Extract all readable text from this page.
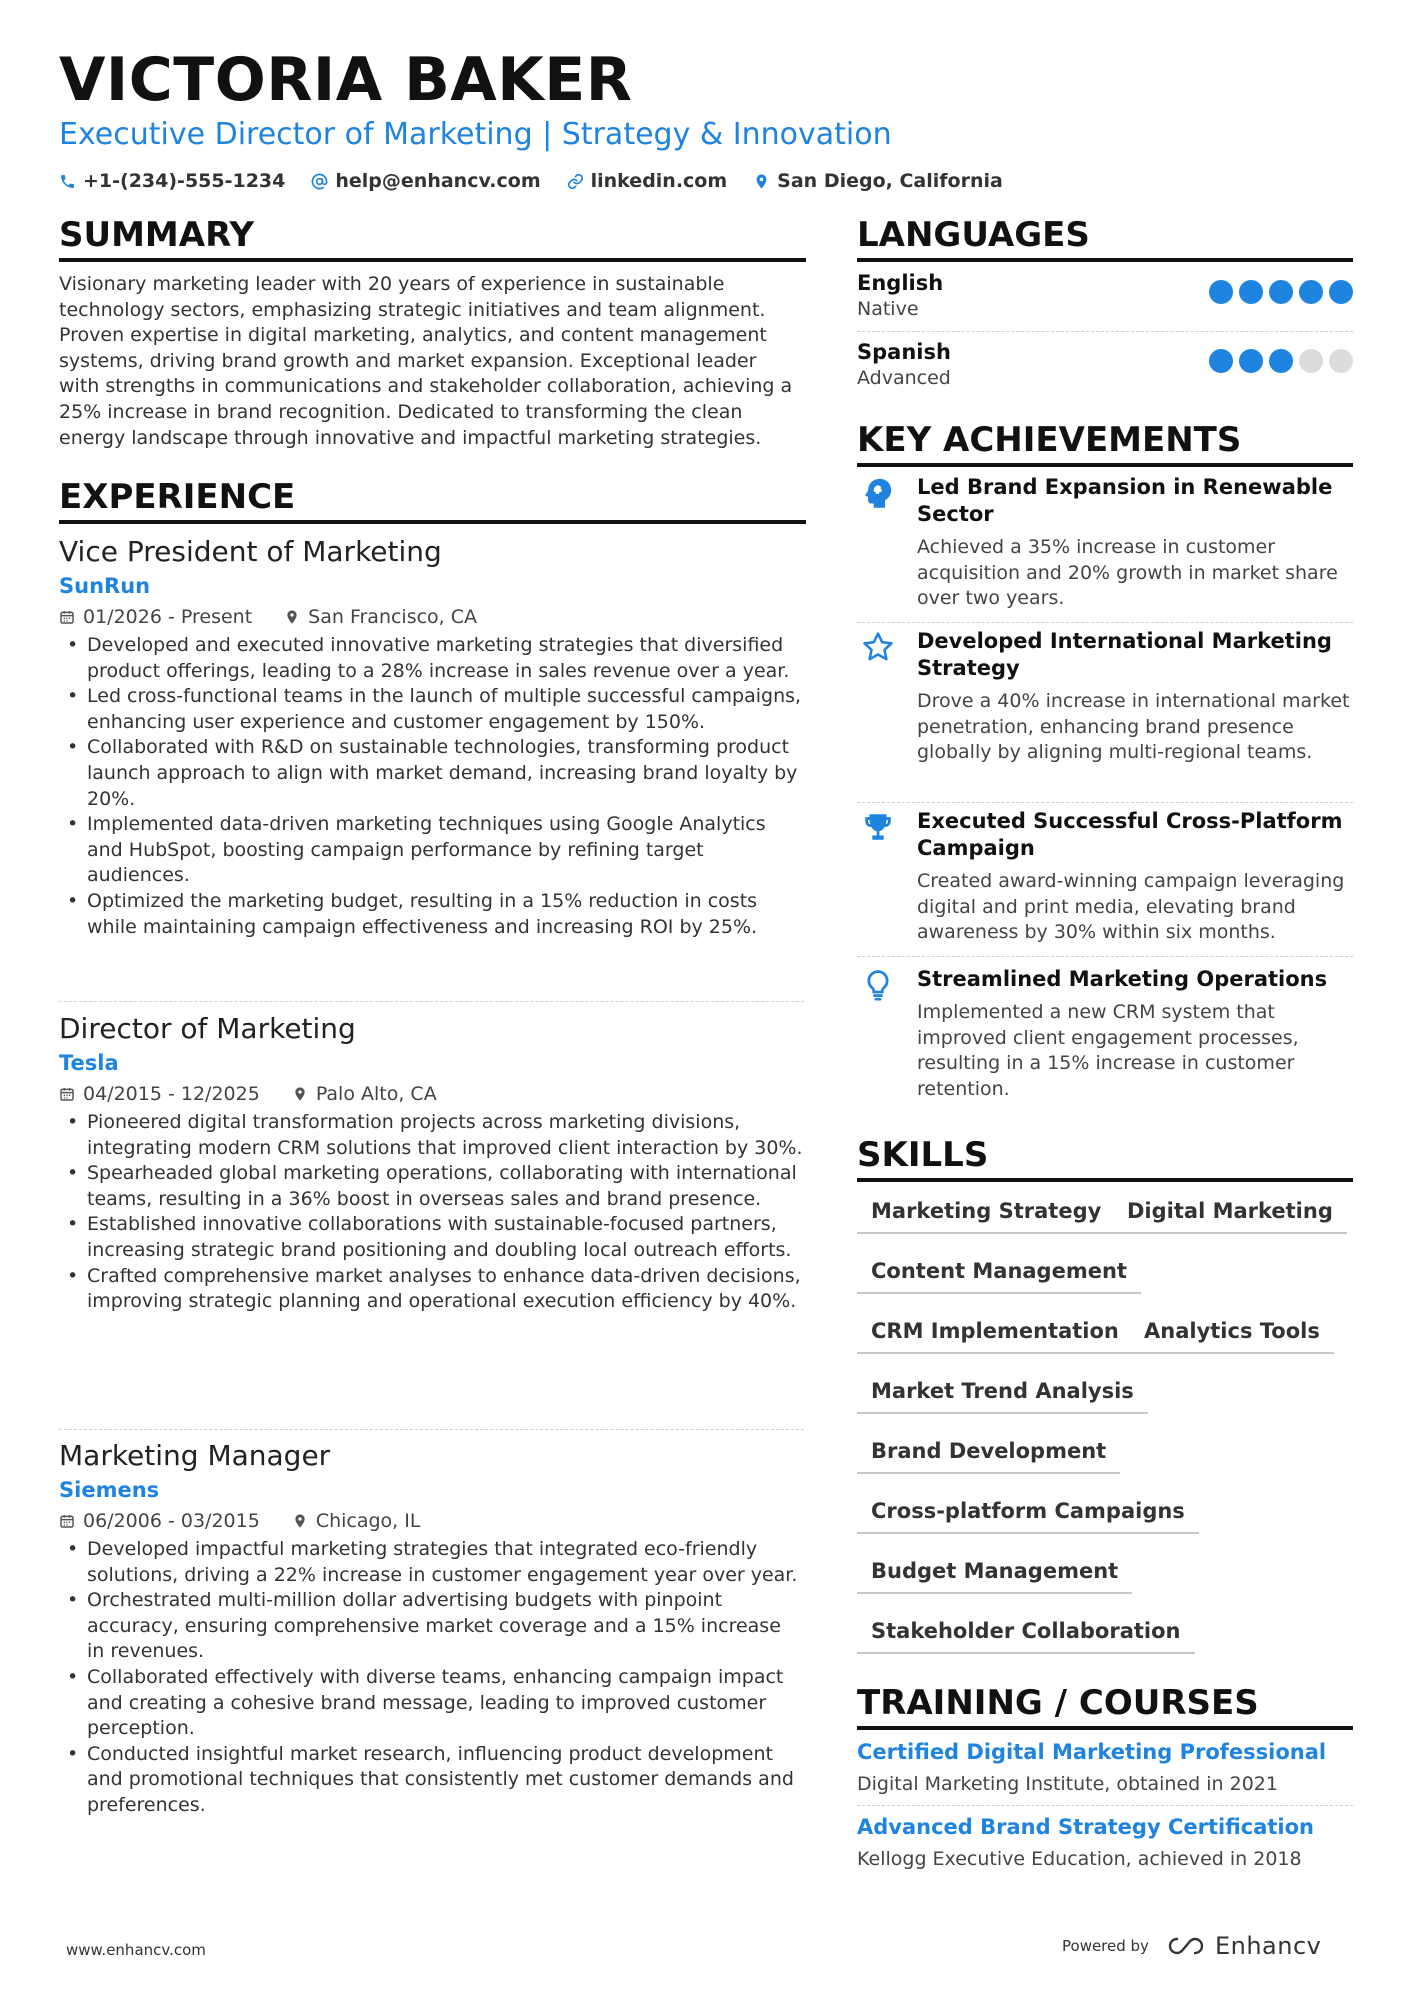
VICTORIA BAKER
Executive Director of Marketing | Strategy & Innovation
+1-(234)-555-1234	help@enhancv.com	linkedin.com	San Diego, California
SUMMARY

Visionary marketing leader with 20 years of experience in sustainable technology sectors, emphasizing strategic initiatives and team alignment. Proven expertise in digital marketing, analytics, and content management systems, driving brand growth and market expansion. Exceptional leader with strengths in communications and stakeholder collaboration, achieving a 25% increase in brand recognition. Dedicated to transforming the clean energy landscape through innovative and impactful marketing strategies.

EXPERIENCE
Vice President of Marketing
SunRun
01/2026 - Present	San Francisco, CA
• Developed and executed innovative marketing strategies that diversified product offerings, leading to a 28% increase in sales revenue over a year.
• Led cross-functional teams in the launch of multiple successful campaigns, enhancing user experience and customer engagement by 150%.
• Collaborated with R&D on sustainable technologies, transforming product launch approach to align with market demand, increasing brand loyalty by 20%.
• Implemented data-driven marketing techniques using Google Analytics and HubSpot, boosting campaign performance by refining target audiences.
• Optimized the marketing budget, resulting in a 15% reduction in costs while maintaining campaign effectiveness and increasing ROI by 25%.
Director of Marketing
Tesla
04/2015 - 12/2025	Palo Alto, CA
• Pioneered digital transformation projects across marketing divisions, integrating modern CRM solutions that improved client interaction by 30%.
• Spearheaded global marketing operations, collaborating with international teams, resulting in a 36% boost in overseas sales and brand presence.
• Established innovative collaborations with sustainable-focused partners, increasing strategic brand positioning and doubling local outreach efforts.
• Crafted comprehensive market analyses to enhance data-driven decisions, improving strategic planning and operational execution efficiency by 40%.
Marketing Manager
Siemens
06/2006 - 03/2015	Chicago, IL
• Developed impactful marketing strategies that integrated eco-friendly solutions, driving a 22% increase in customer engagement year over year.
• Orchestrated multi-million dollar advertising budgets with pinpoint accuracy, ensuring comprehensive market coverage and a 15% increase in revenues.
• Collaborated effectively with diverse teams, enhancing campaign impact and creating a cohesive brand message, leading to improved customer perception.
• Conducted insightful market research, influencing product development and promotional techniques that consistently met customer demands and preferences.
LANGUAGES
English
Native
Spanish
Advanced
KEY ACHIEVEMENTS
Led Brand Expansion in Renewable Sector
Achieved a 35% increase in customer acquisition and 20% growth in market share over two years.
Developed International Marketing Strategy
Drove a 40% increase in international market penetration, enhancing brand presence globally by aligning multi-regional teams.
Executed Successful Cross-Platform Campaign
Created award-winning campaign leveraging digital and print media, elevating brand awareness by 30% within six months.
Streamlined Marketing Operations
Implemented a new CRM system that improved client engagement processes, resulting in a 15% increase in customer retention.
SKILLS
Marketing Strategy	Digital Marketing
Content Management
CRM Implementation	Analytics Tools
Market Trend Analysis
Brand Development
Cross-platform Campaigns
Budget Management
Stakeholder Collaboration
TRAINING / COURSES
Certified Digital Marketing Professional
Digital Marketing Institute, obtained in 2021
Advanced Brand Strategy Certification
Kellogg Executive Education, achieved in 2018
www.enhancv.com	Powered by	Enhancv
